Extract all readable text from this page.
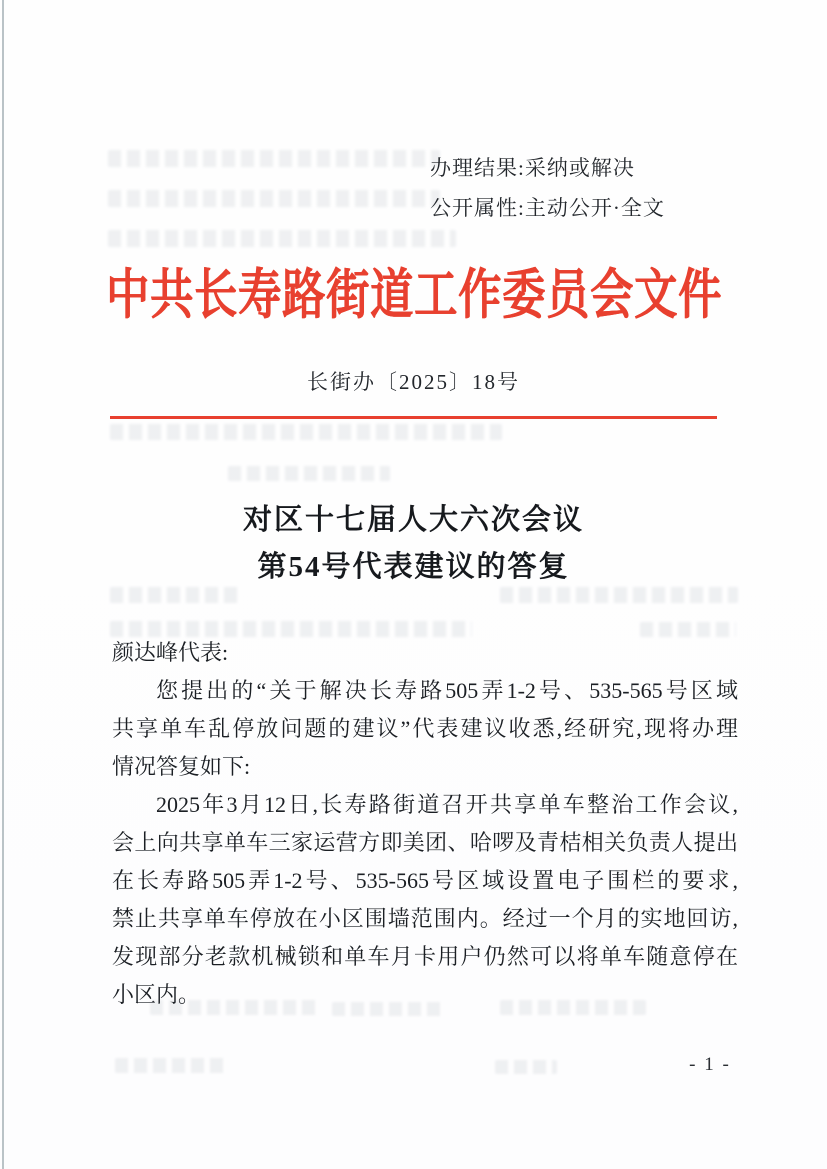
办理结果:采纳或解决
公开属性:主动公开·全文
中共长寿路街道工作委员会文件
长街办〔2025〕18号
对区十七届人大六次会议
第54号代表建议的答复
颜达峰代表:
您提出的“关于解决长寿路505弄1-2号、535-565号区域
共享单车乱停放问题的建议”代表建议收悉,经研究,现将办理
情况答复如下:
2025年3月12日,长寿路街道召开共享单车整治工作会议,
会上向共享单车三家运营方即美团、哈啰及青桔相关负责人提出
在长寿路505弄1-2号、535-565号区域设置电子围栏的要求,
禁止共享单车停放在小区围墙范围内。经过一个月的实地回访,
发现部分老款机械锁和单车月卡用户仍然可以将单车随意停在
小区内。
- 1 -
